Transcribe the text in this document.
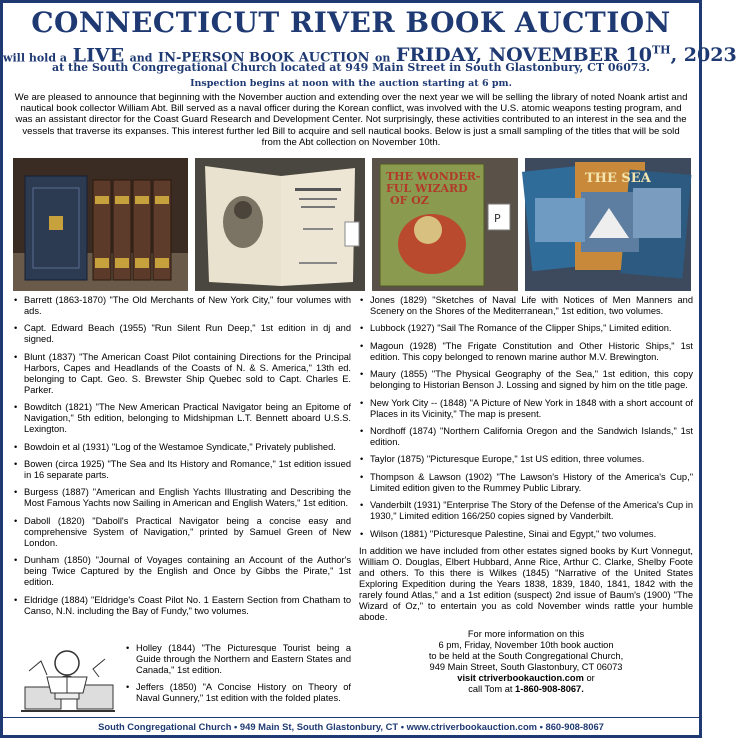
CONNECTICUT RIVER BOOK AUCTION
will hold a LIVE and IN-PERSON BOOK AUCTION on FRIDAY, NOVEMBER 10TH, 2023
at the South Congregational Church located at 949 Main Street in South Glastonbury, CT 06073.
Inspection begins at noon with the auction starting at 6 pm.
We are pleased to announce that beginning with the November auction and extending over the next year we will be selling the library of noted Noank artist and nautical book collector William Abt. Bill served as a naval officer during the Korean conflict, was involved with the U.S. atomic weapons testing program, and was an assistant director for the Coast Guard Research and Development Center. Not surprisingly, these activities contributed to an interest in the sea and the vessels that traverse its expanses. This interest further led Bill to acquire and sell nautical books. Below is just a small sampling of the titles that will be sold from the Abt collection on November 10th.
THE WONDER-
FUL WIZARD
OF OZ
P
THE SEA
• Barrett (1863-1870) "The Old Merchants of New York City," four volumes with ads.
• Capt. Edward Beach (1955) "Run Silent Run Deep," 1st edition in dj and signed.
• Blunt (1837) "The American Coast Pilot containing Directions for the Principal Harbors, Capes and Headlands of the Coasts of N. & S. America," 13th ed. belonging to Capt. Geo. S. Brewster Ship Quebec sold to Capt. Charles E. Parker.
• Bowditch (1821) "The New American Practical Navigator being an Epitome of Navigation," 5th edition, belonging to Midshipman L.T. Bennett aboard U.S.S. Lexington.
• Bowdoin et al (1931) "Log of the Westamoe Syndicate," Privately published.
• Bowen (circa 1925) "The Sea and Its History and Romance," 1st edition issued in 16 separate parts.
• Burgess (1887) "American and English Yachts Illustrating and Describing the Most Famous Yachts now Sailing in American and English Waters," 1st edition.
• Daboll (1820) "Daboll's Practical Navigator being a concise easy and comprehensive System of Navigation," printed by Samuel Green of New London.
• Dunham (1850) "Journal of Voyages containing an Account of the Author's being Twice Captured by the English and Once by Gibbs the Pirate," 1st edition.
• Eldridge (1884) "Eldridge's Coast Pilot No. 1 Eastern Section from Chatham to Canso, N.N. including the Bay of Fundy," two volumes.
• Holley (1844) "The Picturesque Tourist being a Guide through the Northern and Eastern States and Canada," 1st edition.
• Jeffers (1850) "A Concise History on Theory of Naval Gunnery," 1st edition with the folded plates.
• Jones (1829) "Sketches of Naval Life with Notices of Men Manners and Scenery on the Shores of the Mediterranean," 1st edition, two volumes.
• Lubbock (1927) "Sail The Romance of the Clipper Ships," Limited edition.
• Magoun (1928) "The Frigate Constitution and Other Historic Ships," 1st edition. This copy belonged to renown marine author M.V. Brewington.
• Maury (1855) "The Physical Geography of the Sea," 1st edition, this copy belonging to Historian Benson J. Lossing and signed by him on the title page.
• New York City -- (1848) "A Picture of New York in 1848 with a short account of Places in its Vicinity," The map is present.
• Nordhoff (1874) "Northern California Oregon and the Sandwich Islands," 1st edition.
• Taylor (1875) "Picturesque Europe," 1st US edition, three volumes.
• Thompson & Lawson (1902) "The Lawson's History of the America's Cup," Limited edition given to the Rummey Public Library.
• Vanderbilt (1931) "Enterprise The Story of the Defense of the America's Cup in 1930," Limited edition 166/250 copies signed by Vanderbilt.
• Wilson (1881) "Picturesque Palestine, Sinai and Egypt," two volumes.
In addition we have included from other estates signed books by Kurt Vonnegut, William O. Douglas, Elbert Hubbard, Anne Rice, Arthur C. Clarke, Shelby Foote and others. To this there is Wilkes (1845) "Narrative of the United States Exploring Expedition during the Years 1838, 1839, 1840, 1841, 1842 with the rarely found Atlas," and a 1st edition (suspect) 2nd issue of Baum's (1900) "The Wizard of Oz," to entertain you as cold November winds rattle your humble abode.
For more information on this
6 pm, Friday, November 10th book auction
to be held at the South Congregational Church,
949 Main Street, South Glastonbury, CT 06073
visit ctriverbookauction.com or
call Tom at 1-860-908-8067.
South Congregational Church • 949 Main St, South Glastonbury, CT • www.ctriverbookauction.com • 860-908-8067
